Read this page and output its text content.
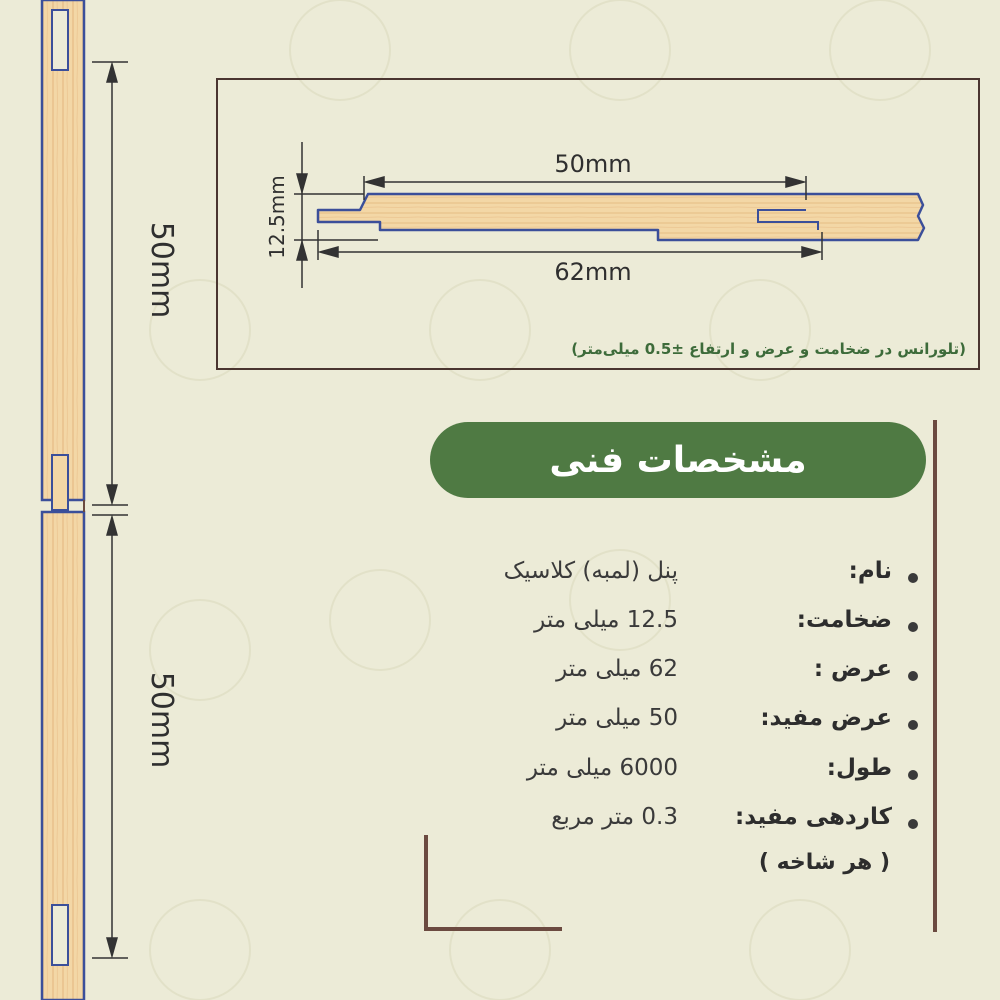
50mm
50mm
50mm
62mm
12.5mm
(تلورانس در ضخامت و عرض و ارتفاع ±0.5 میلی‌متر)
مشخصات فنی
نام:
پنل (لمبه) کلاسیک
ضخامت:
12.5 میلی متر
عرض :
62 میلی متر
عرض مفید:
50 میلی متر
طول:
6000 میلی متر
کاردهی مفید:
0.3 متر مربع
( هر شاخه )
